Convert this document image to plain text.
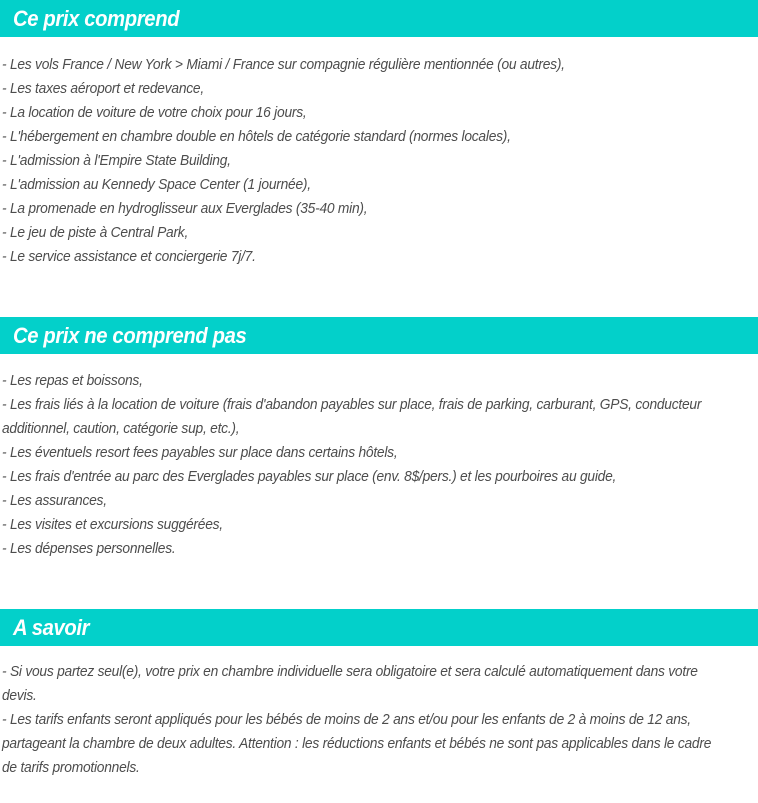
Ce prix comprend

- Les vols France / New York > Miami / France sur compagnie régulière mentionnée (ou autres),

- Les taxes aéroport et redevance,

- La location de voiture de votre choix pour 16 jours,

- L'hébergement en chambre double en hôtels de catégorie standard (normes locales),

- L'admission à l'Empire State Building,

- L'admission au Kennedy Space Center (1 journée),

- La promenade en hydroglisseur aux Everglades (35-40 min),

- Le jeu de piste à Central Park,

- Le service assistance et conciergerie 7j/7.

Ce prix ne comprend pas

- Les repas et boissons,

- Les frais liés à la location de voiture (frais d'abandon payables sur place, frais de parking, carburant, GPS, conducteur additionnel, caution, catégorie sup, etc.),

- Les éventuels resort fees payables sur place dans certains hôtels,

- Les frais d'entrée au parc des Everglades payables sur place (env. 8$/pers.) et les pourboires au guide,

- Les assurances,

- Les visites et excursions suggérées,

- Les dépenses personnelles.

A savoir

- Si vous partez seul(e), votre prix en chambre individuelle sera obligatoire et sera calculé automatiquement dans votre devis.

- Les tarifs enfants seront appliqués pour les bébés de moins de 2 ans et/ou pour les enfants de 2 à moins de 12 ans, partageant la chambre de deux adultes. Attention : les réductions enfants et bébés ne sont pas applicables dans le cadre de tarifs promotionnels.
